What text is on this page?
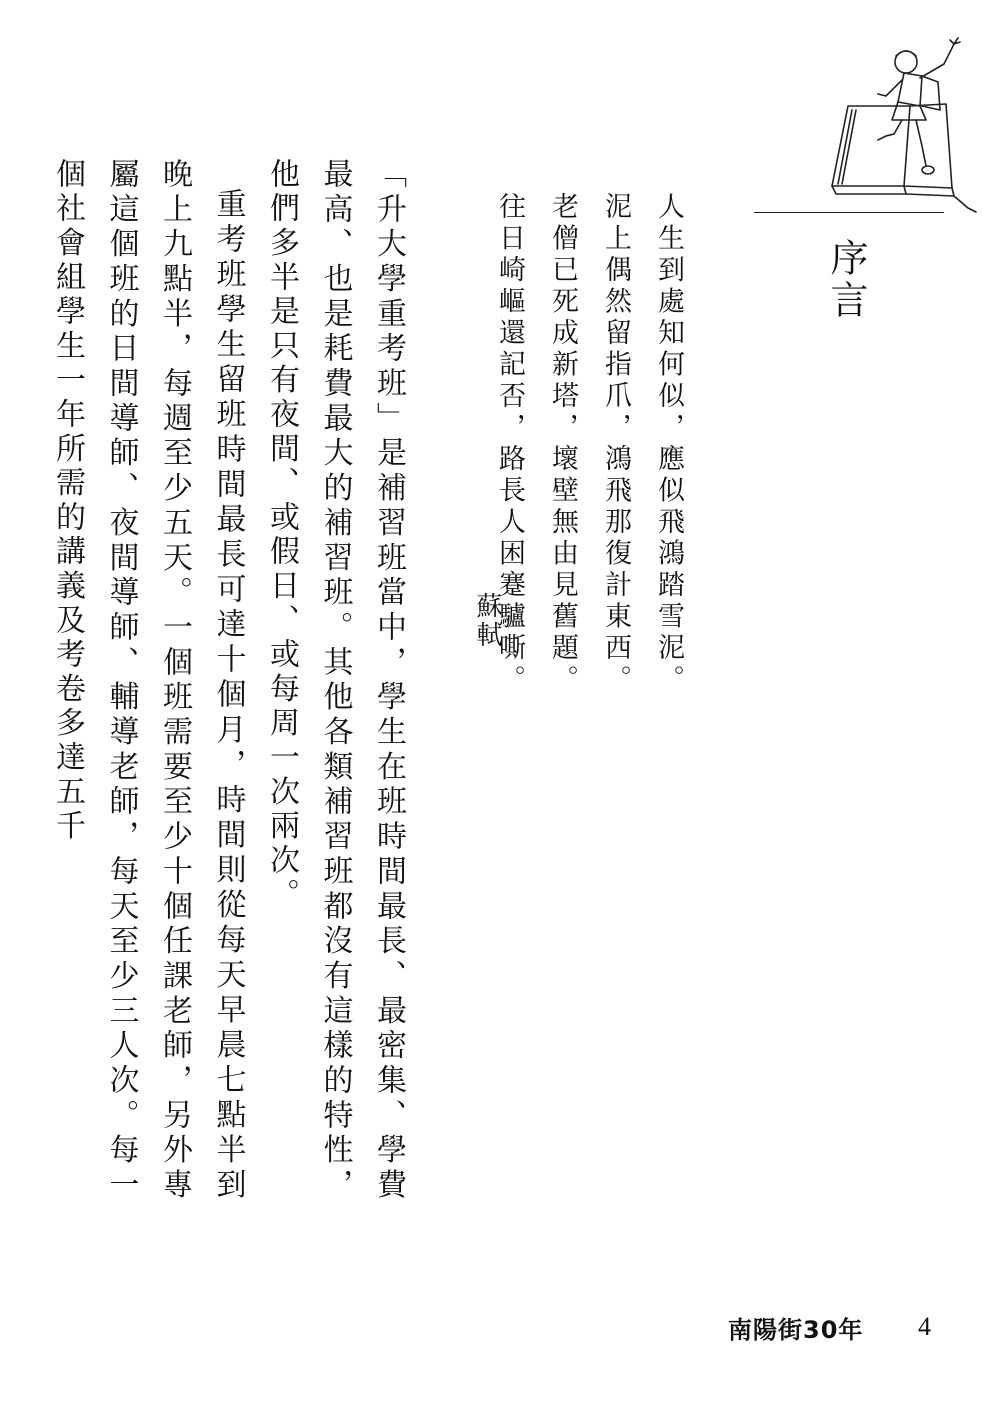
序言
人生到處知何似，應似飛鴻踏雪泥。
泥上偶然留指爪，鴻飛那復計東西。
老僧已死成新塔，壞壁無由見舊題。
往日崎嶇還記否，路長人困蹇驢嘶。
蘇軾

「升大學重考班」是補習班當中，學生在班時間最長、最密集、學費最高、也是耗費最大的補習班。其他各類補習班都沒有這樣的特性，他們多半是只有夜間、或假日、或每周一次兩次。

重考班學生留班時間最長可達十個月，時間則從每天早晨七點半到晚上九點半，每週至少五天。一個班需要至少十個任課老師，另外專屬這個班的日間導師、夜間導師、輔導老師，每天至少三人次。每一個社會組學生一年所需的講義及考卷多達五千

南陽街30年 4
